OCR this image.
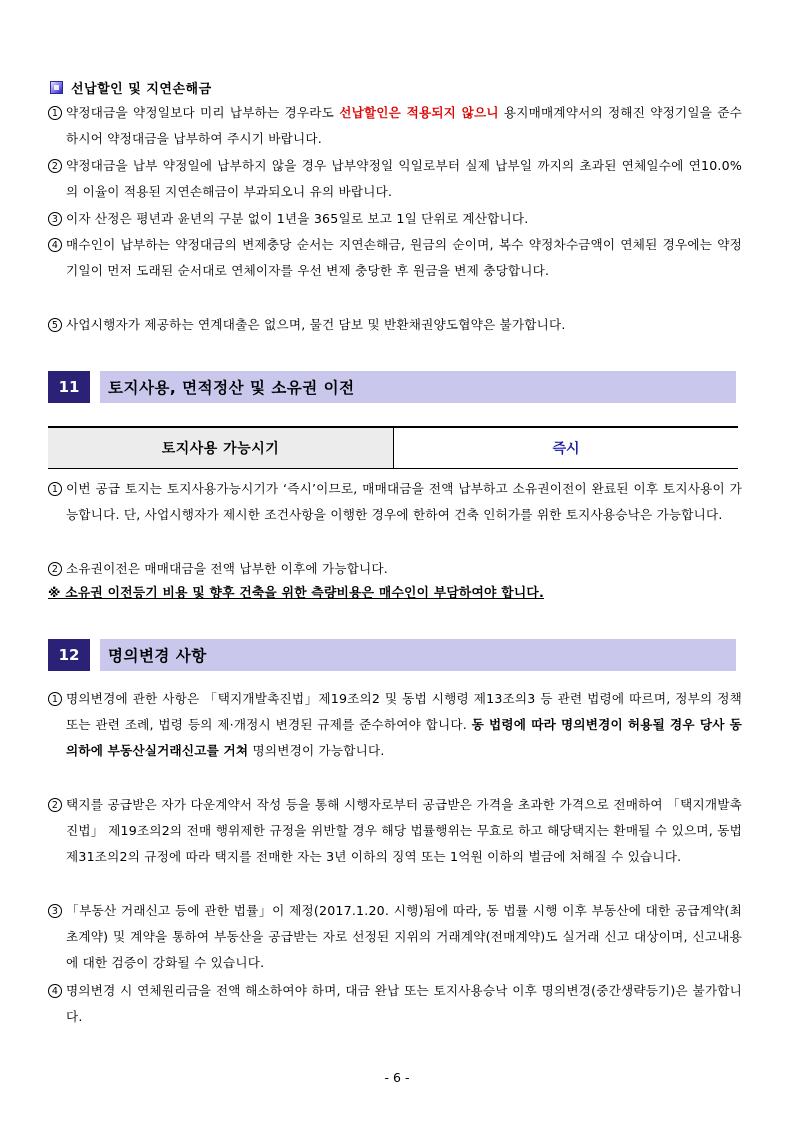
선납할인 및 지연손해금
1 약정대금을 약정일보다 미리 납부하는 경우라도 선납할인은 적용되지 않으니 용지매매계약서의 정해진 약정기일을 준수하시어 약정대금을 납부하여 주시기 바랍니다.
2 약정대금을 납부 약정일에 납부하지 않을 경우 납부약정일 익일로부터 실제 납부일 까지의 초과된 연체일수에 연10.0%의 이율이 적용된 지연손해금이 부과되오니 유의 바랍니다.
3 이자 산정은 평년과 윤년의 구분 없이 1년을 365일로 보고 1일 단위로 계산합니다.
4 매수인이 납부하는 약정대금의 변제충당 순서는 지연손해금, 원금의 순이며, 복수 약정차수금액이 연체된 경우에는 약정기일이 먼저 도래된 순서대로 연체이자를 우선 변제 충당한 후 원금을 변제 충당합니다.
5 사업시행자가 제공하는 연계대출은 없으며, 물건 담보 및 반환채권양도협약은 불가합니다.
11	토지사용, 면적정산 및 소유권 이전
토지사용 가능시기	즉시
1 이번 공급 토지는 토지사용가능시기가 ‘즉시’이므로, 매매대금을 전액 납부하고 소유권이전이 완료된 이후 토지사용이 가능합니다. 단, 사업시행자가 제시한 조건사항을 이행한 경우에 한하여 건축 인허가를 위한 토지사용승낙은 가능합니다.
2 소유권이전은 매매대금을 전액 납부한 이후에 가능합니다.
※ 소유권 이전등기 비용 및 향후 건축을 위한 측량비용은 매수인이 부담하여야 합니다.
12	명의변경 사항
1 명의변경에 관한 사항은 「택지개발촉진법」제19조의2 및 동법 시행령 제13조의3 등 관련 법령에 따르며, 정부의 정책 또는 관련 조례, 법령 등의 제·개정시 변경된 규제를 준수하여야 합니다. 동 법령에 따라 명의변경이 허용될 경우 당사 동의하에 부동산실거래신고를 거쳐 명의변경이 가능합니다.
2 택지를 공급받은 자가 다운계약서 작성 등을 통해 시행자로부터 공급받은 가격을 초과한 가격으로 전매하여 「택지개발촉진법」 제19조의2의 전매 행위제한 규정을 위반할 경우 해당 법률행위는 무효로 하고 해당택지는 환매될 수 있으며, 동법 제31조의2의 규정에 따라 택지를 전매한 자는 3년 이하의 징역 또는 1억원 이하의 벌금에 처해질 수 있습니다.
3 「부동산 거래신고 등에 관한 법률」이 제정(2017.1.20. 시행)됨에 따라, 동 법률 시행 이후 부동산에 대한 공급계약(최초계약) 및 계약을 통하여 부동산을 공급받는 자로 선정된 지위의 거래계약(전매계약)도 실거래 신고 대상이며, 신고내용에 대한 검증이 강화될 수 있습니다.
4 명의변경 시 연체원리금을 전액 해소하여야 하며, 대금 완납 또는 토지사용승낙 이후 명의변경(중간생략등기)은 불가합니다.
- 6 -
